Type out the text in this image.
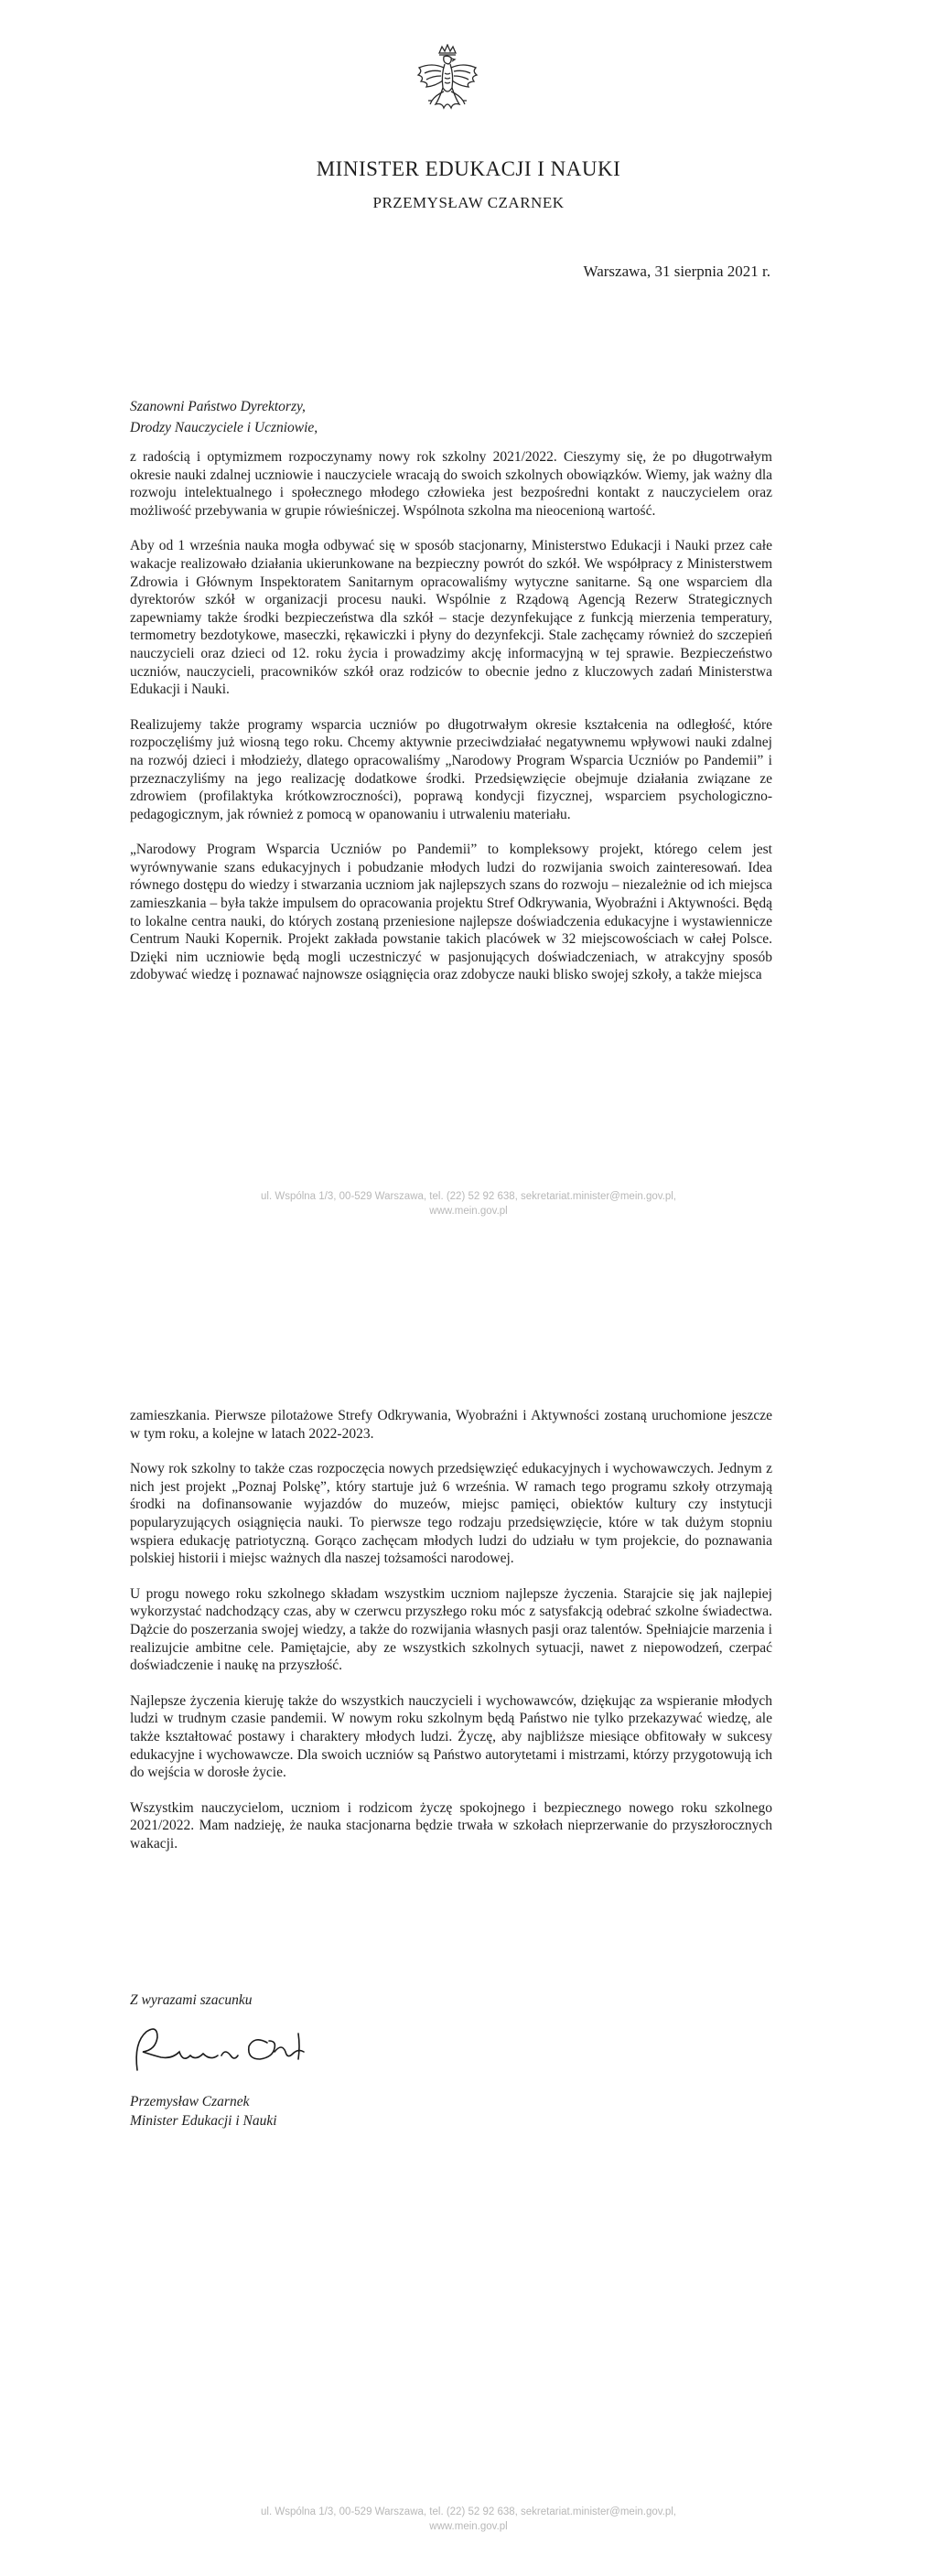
MINISTER EDUKACJI I NAUKI
PRZEMYSŁAW CZARNEK
Warszawa, 31 sierpnia 2021 r.
Szanowni Państwo Dyrektorzy,
Drodzy Nauczyciele i Uczniowie,

z radością i optymizmem rozpoczynamy nowy rok szkolny 2021/2022. Cieszymy się, że po długotrwałym okresie nauki zdalnej uczniowie i nauczyciele wracają do swoich szkolnych obowiązków. Wiemy, jak ważny dla rozwoju intelektualnego i społecznego młodego człowieka jest bezpośredni kontakt z nauczycielem oraz możliwość przebywania w grupie rówieśniczej. Wspólnota szkolna ma nieocenioną wartość.

Aby od 1 września nauka mogła odbywać się w sposób stacjonarny, Ministerstwo Edukacji i Nauki przez całe wakacje realizowało działania ukierunkowane na bezpieczny powrót do szkół. We współpracy z Ministerstwem Zdrowia i Głównym Inspektoratem Sanitarnym opracowaliśmy wytyczne sanitarne. Są one wsparciem dla dyrektorów szkół w organizacji procesu nauki. Wspólnie z Rządową Agencją Rezerw Strategicznych zapewniamy także środki bezpieczeństwa dla szkół – stacje dezynfekujące z funkcją mierzenia temperatury, termometry bezdotykowe, maseczki, rękawiczki i płyny do dezynfekcji. Stale zachęcamy również do szczepień nauczycieli oraz dzieci od 12. roku życia i prowadzimy akcję informacyjną w tej sprawie. Bezpieczeństwo uczniów, nauczycieli, pracowników szkół oraz rodziców to obecnie jedno z kluczowych zadań Ministerstwa Edukacji i Nauki.

Realizujemy także programy wsparcia uczniów po długotrwałym okresie kształcenia na odległość, które rozpoczęliśmy już wiosną tego roku. Chcemy aktywnie przeciwdziałać negatywnemu wpływowi nauki zdalnej na rozwój dzieci i młodzieży, dlatego opracowaliśmy „Narodowy Program Wsparcia Uczniów po Pandemii” i przeznaczyliśmy na jego realizację dodatkowe środki. Przedsięwzięcie obejmuje działania związane ze zdrowiem (profilaktyka krótkowzroczności), poprawą kondycji fizycznej, wsparciem psychologiczno-pedagogicznym, jak również z pomocą w opanowaniu i utrwaleniu materiału.

„Narodowy Program Wsparcia Uczniów po Pandemii” to kompleksowy projekt, którego celem jest wyrównywanie szans edukacyjnych i pobudzanie młodych ludzi do rozwijania swoich zainteresowań. Idea równego dostępu do wiedzy i stwarzania uczniom jak najlepszych szans do rozwoju – niezależnie od ich miejsca zamieszkania – była także impulsem do opracowania projektu Stref Odkrywania, Wyobraźni i Aktywności. Będą to lokalne centra nauki, do których zostaną przeniesione najlepsze doświadczenia edukacyjne i wystawiennicze Centrum Nauki Kopernik. Projekt zakłada powstanie takich placówek w 32 miejscowościach w całej Polsce. Dzięki nim uczniowie będą mogli uczestniczyć w pasjonujących doświadczeniach, w atrakcyjny sposób zdobywać wiedzę i poznawać najnowsze osiągnięcia oraz zdobycze nauki blisko swojej szkoły, a także miejsca

ul. Wspólna 1/3, 00-529 Warszawa, tel. (22) 52 92 638, sekretariat.minister@mein.gov.pl,
www.mein.gov.pl

zamieszkania. Pierwsze pilotażowe Strefy Odkrywania, Wyobraźni i Aktywności zostaną uruchomione jeszcze w tym roku, a kolejne w latach 2022-2023.

Nowy rok szkolny to także czas rozpoczęcia nowych przedsięwzięć edukacyjnych i wychowawczych. Jednym z nich jest projekt „Poznaj Polskę”, który startuje już 6 września. W ramach tego programu szkoły otrzymają środki na dofinansowanie wyjazdów do muzeów, miejsc pamięci, obiektów kultury czy instytucji popularyzujących osiągnięcia nauki. To pierwsze tego rodzaju przedsięwzięcie, które w tak dużym stopniu wspiera edukację patriotyczną. Gorąco zachęcam młodych ludzi do udziału w tym projekcie, do poznawania polskiej historii i miejsc ważnych dla naszej tożsamości narodowej.

U progu nowego roku szkolnego składam wszystkim uczniom najlepsze życzenia. Starajcie się jak najlepiej wykorzystać nadchodzący czas, aby w czerwcu przyszłego roku móc z satysfakcją odebrać szkolne świadectwa. Dążcie do poszerzania swojej wiedzy, a także do rozwijania własnych pasji oraz talentów. Spełniajcie marzenia i realizujcie ambitne cele. Pamiętajcie, aby ze wszystkich szkolnych sytuacji, nawet z niepowodzeń, czerpać doświadczenie i naukę na przyszłość.

Najlepsze życzenia kieruję także do wszystkich nauczycieli i wychowawców, dziękując za wspieranie młodych ludzi w trudnym czasie pandemii. W nowym roku szkolnym będą Państwo nie tylko przekazywać wiedzę, ale także kształtować postawy i charaktery młodych ludzi. Życzę, aby najbliższe miesiące obfitowały w sukcesy edukacyjne i wychowawcze. Dla swoich uczniów są Państwo autorytetami i mistrzami, którzy przygotowują ich do wejścia w dorosłe życie.

Wszystkim nauczycielom, uczniom i rodzicom życzę spokojnego i bezpiecznego nowego roku szkolnego 2021/2022. Mam nadzieję, że nauka stacjonarna będzie trwała w szkołach nieprzerwanie do przyszłorocznych wakacji.

Z wyrazami szacunku
Przemysław Czarnek
Minister Edukacji i Nauki
ul. Wspólna 1/3, 00-529 Warszawa, tel. (22) 52 92 638, sekretariat.minister@mein.gov.pl,
www.mein.gov.pl
